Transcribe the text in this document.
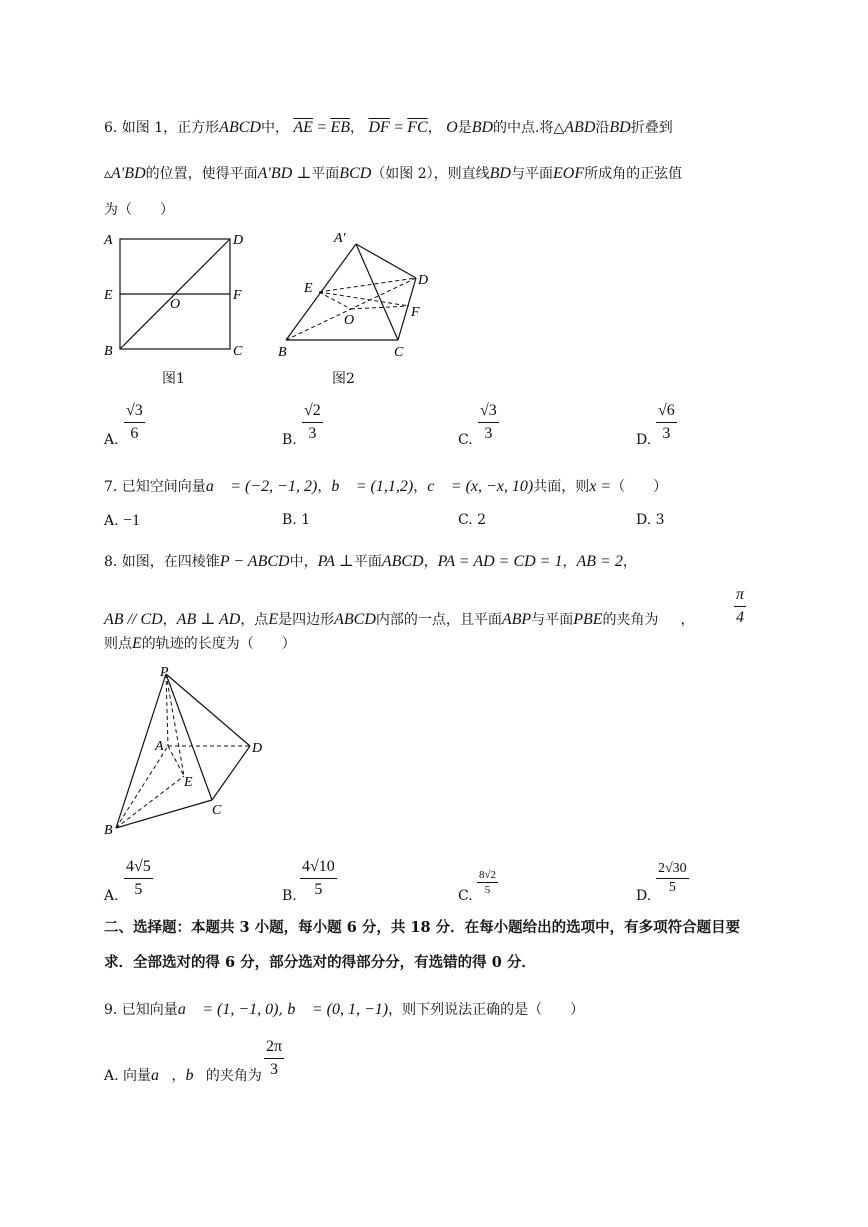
6. 如图 1，正方形ABCD中， $\overline{AE} = \overline{EB}$， $\overline{DF} = \overline{FC}$， O是BD的中点.将△ABD沿BD折叠到
▵A′BD的位置，使得平面A′BD ⊥平面BCD（如图 2），则直线BD与平面EOF所成角的正弦值
为（　　）
A	D
E
O
F
B	C
图1
A′
D
E
O
F
B	C
图2
A. $\frac{√3}{6}$	B. $\frac{√2}{3}$	C. $\frac{√3}{3}$	D. $\frac{√6}{3}$
7. 已知空间向量a⃗ = (−2, −1, 2)，b⃗ = (1,1,2)，c⃗ = (x, −x, 10)共面，则x =（　　）
A. −1	B. 1	C. 2	D. 3
8. 如图，在四棱锥P − ABCD中，PA ⊥平面ABCD，PA = AD = CD = 1，AB = 2，
AB // CD，AB ⊥ AD，点E是四边形ABCD内部的一点，且平面ABP与平面PBE的夹角为 ， $\frac{\pi}{4}$
则点E的轨迹的长度为（　　）
P
A	D
E
C
B
A. $\frac{4√5}{5}$	B. $\frac{4√10}{5}$	C. $\frac{8√2}{5}$	D. $\frac{2√30}{5}$
二、选择题：本题共 3 小题，每小题 6 分，共 18 分．在每小题给出的选项中，有多项符合题目要
求．全部选对的得 6 分，部分选对的得部分分，有选错的得 0 分．
9. 已知向量a⃗ = (1, −1, 0), b⃗ = (0, 1, −1)，则下列说法正确的是（　　）
A. 向量a⃗，b⃗的夹角为 $\frac{2\pi}{3}$
